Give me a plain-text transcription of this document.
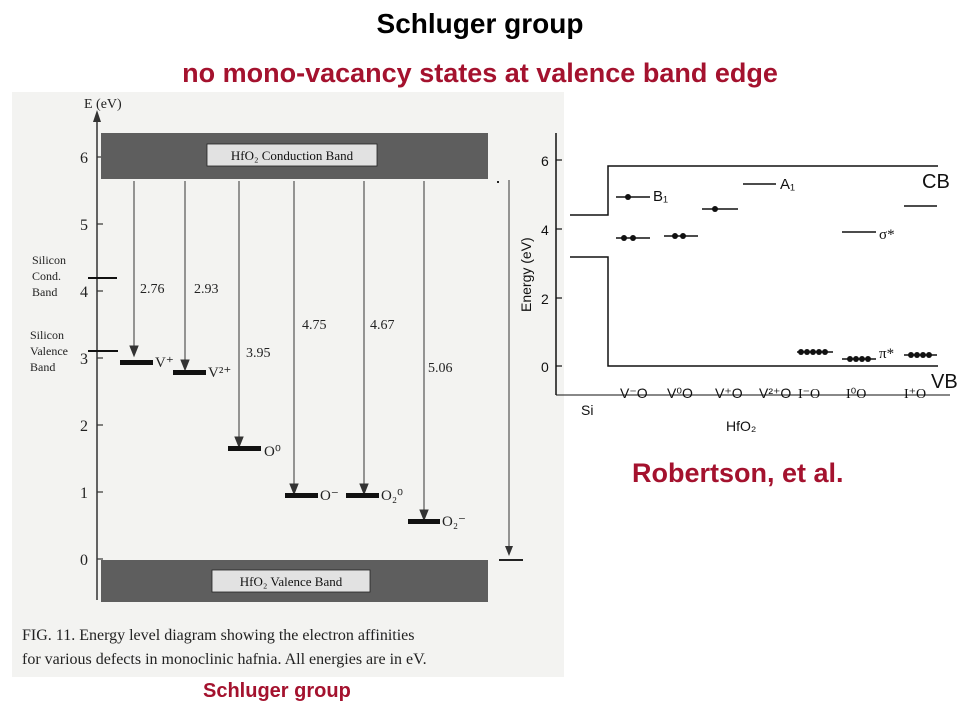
Schluger group
no mono-vacancy states at valence band edge
E (eV)
0
1
2
3
4
5
6	HfO₂ Conduction Band
HfO₂ Valence Band
Silicon
Cond.
Band
Silicon
Valence
Band
2.76 2.93
3.95
4.75	4.67
5.06
V⁺
V²⁺
O⁰
O⁻	O₂⁰
O₂⁻
FIG. 11. Energy level diagram showing the electron affinities
for various defects in monoclinic hafnia. All energies are in eV.
6
4
2
0
Energy (eV)
CB
VB
Si
HfO₂
B₁
A₁
σ*
π*
V⁻O V⁰O V⁺O V²⁺O I⁻O I⁰O	I⁺O
Robertson, et al.
Schluger group
